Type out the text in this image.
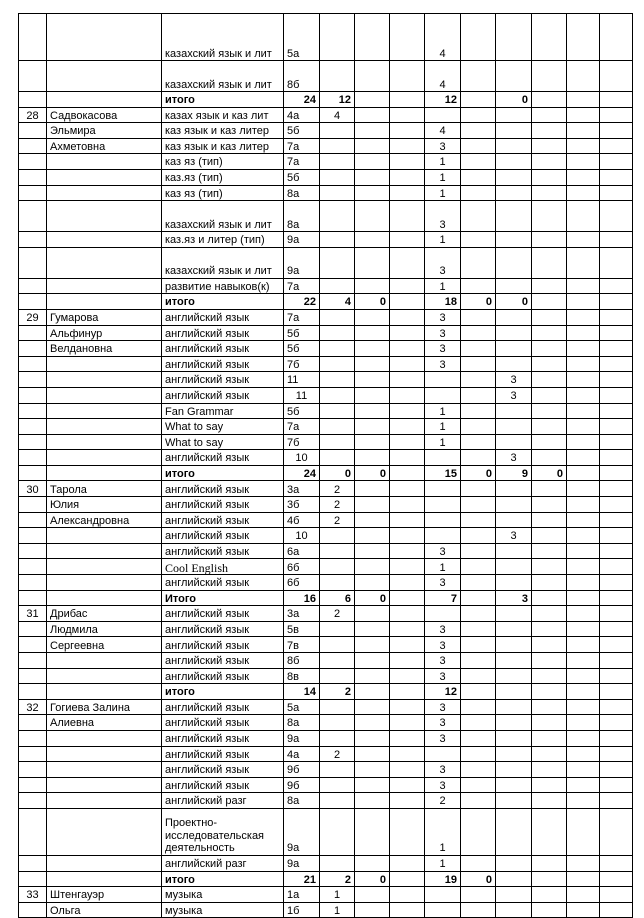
		казахский язык и лит	5а				4					
		казахский язык и лит	8б				4					
		итого	24	12			12		0			
28	Садвокасова	казах язык и каз лит	4а	4								
	Эльмира	каз язык и каз литер	5б				4					
	Ахметовна	каз язык и каз литер	7а				3					
		каз яз (тип)	7а				1					
		каз.яз (тип)	5б				1					
		каз яз (тип)	8а				1					
		казахский язык и лит	8а				3					
		каз.яз и литер (тип)	9а				1					
		казахский язык и лит	9а				3					
		развитие навыков(к)	7а				1					
		итого	22	4	0		18	0	0			
29	Гумарова	английский язык	7а				3					
	Альфинур	английский язык	5б				3					
	Велдановна	английский язык	5б				3					
		английский язык	7б				3					
		английский язык	11						3			
		английский язык	11						3			
		Fan Grammar	5б				1					
		What to say	7а				1					
		What to say	7б				1					
		английский язык	10						3			
		итого	24	0	0		15	0	9	0		
30	Тарола	английский язык	3а	2								
	Юлия	английский язык	3б	2								
	Александровна	английский язык	4б	2								
		английский язык	10						3			
		английский язык	6а				3					
		Cool English	6б				1					
		английский язык	6б				3					
		Итого	16	6	0		7		3			
31	Дрибас	английский язык	3а	2								
	Людмила	английский язык	5в				3					
	Сергеевна	английский язык	7в				3					
		английский язык	8б				3					
		английский язык	8в				3					
		итого	14	2			12					
32	Гогиева Залина	английский язык	5а				3					
	Алиевна	английский язык	8а				3					
		английский язык	9а				3					
		английский язык	4а	2								
		английский язык	9б				3					
		английский язык	9б				3					
		английский разг	8а				2					
		Проектно-исследовательская деятельность	9а				1					
		английский разг	9а				1					
		итого	21	2	0		19	0				
33	Штенгауэр	музыка	1а	1								
	Ольга	музыка	1б	1								
